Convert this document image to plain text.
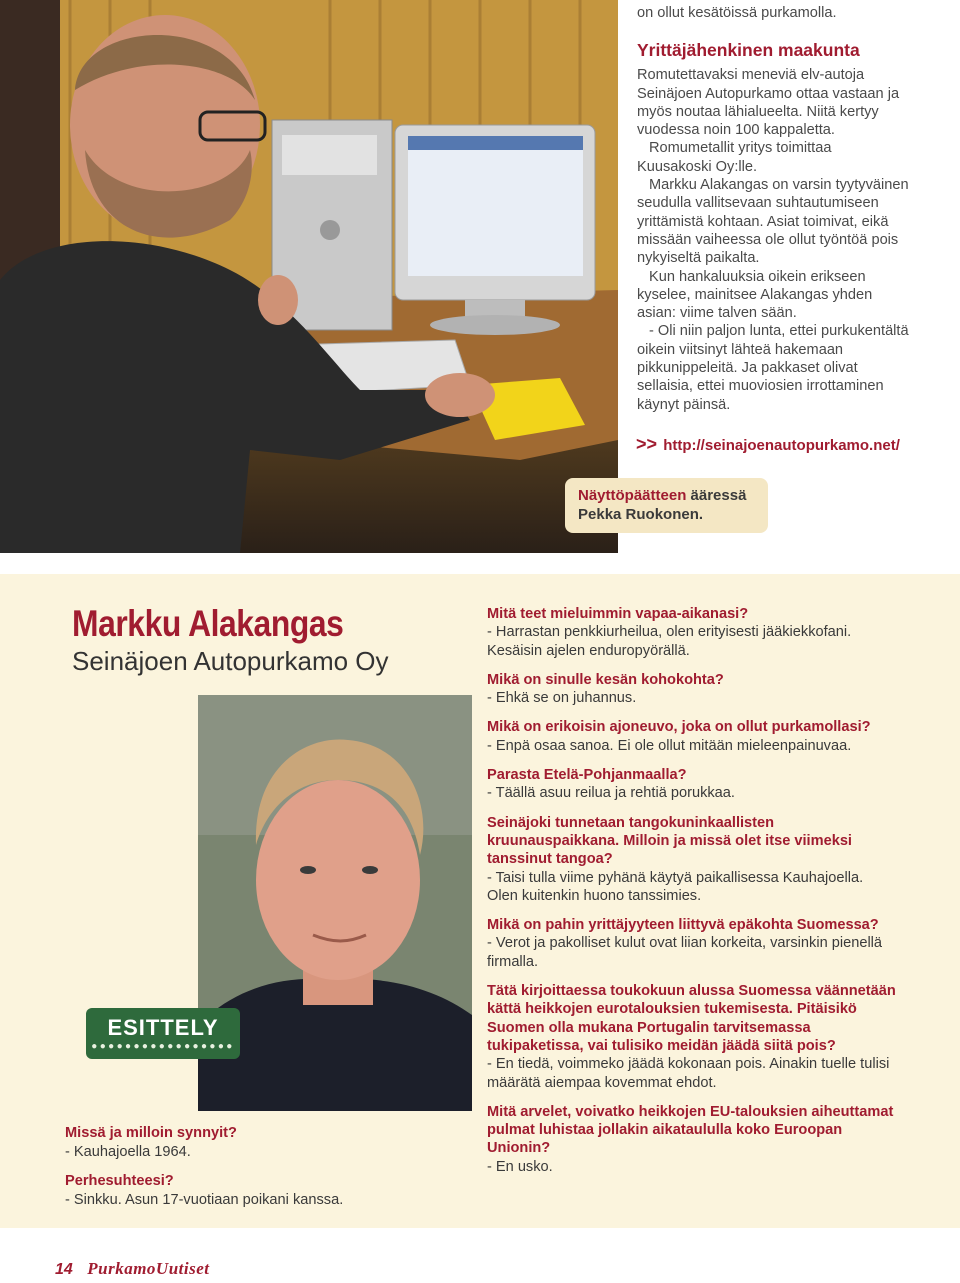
on ollut kesätöissä purkamolla.

Yrittäjähenkinen maakunta

Romutettavaksi meneviä elv-autoja Seinäjoen Autopurkamo ottaa vastaan ja myös noutaa lähialueelta. Niitä kertyy vuodessa noin 100 kappaletta.

Romumetallit yritys toimittaa Kuusakoski Oy:lle.

Markku Alakangas on varsin tyytyväinen seudulla vallitsevaan suhtautumiseen yrittämistä kohtaan. Asiat toimivat, eikä missään vaiheessa ole ollut työntöä pois nykyiseltä paikalta.

Kun hankaluuksia oikein erikseen kyselee, mainitsee Alakangas yhden asian: viime talven sään.

- Oli niin paljon lunta, ettei purkukentältä oikein viitsinyt lähteä hakemaan pikkunippeleitä. Ja pakkaset olivat sellaisia, ettei muoviosien irrottaminen käynyt päinsä.

>> http://seinajoenautopurkamo.net/
Näyttöpäätteen ääressä Pekka Ruokonen.
Markku Alakangas
Seinäjoen Autopurkamo Oy
ESITTELY
●●●●●●●●●●●●●●●●●
Missä ja milloin synnyit?
- Kauhajoella 1964.
Perhesuhteesi?
- Sinkku. Asun 17-vuotiaan poikani kanssa.
Mitä teet mieluimmin vapaa-aikanasi?
- Harrastan penkkiurheilua, olen erityisesti jääkiekkofani. Kesäisin ajelen enduropyörällä.
Mikä on sinulle kesän kohokohta?
- Ehkä se on juhannus.
Mikä on erikoisin ajoneuvo, joka on ollut purkamollasi?
- Enpä osaa sanoa. Ei ole ollut mitään mieleenpainuvaa.
Parasta Etelä-Pohjanmaalla?
- Täällä asuu reilua ja rehtiä porukkaa.
Seinäjoki tunnetaan tangokuninkaallisten kruunauspaikkana. Milloin ja missä olet itse viimeksi tanssinut tangoa?
- Taisi tulla viime pyhänä käytyä paikallisessa Kauhajoella. Olen kuitenkin huono tanssimies.
Mikä on pahin yrittäjyyteen liittyvä epäkohta Suomessa?
- Verot ja pakolliset kulut ovat liian korkeita, varsinkin pienellä firmalla.
Tätä kirjoittaessa toukokuun alussa Suomessa väännetään kättä heikkojen eurotalouksien tukemisesta. Pitäisikö Suomen olla mukana Portugalin tarvitsemassa tukipaketissa, vai tulisiko meidän jäädä siitä pois?
- En tiedä, voimmeko jäädä kokonaan pois. Ainakin tuelle tulisi määrätä aiempaa kovemmat ehdot.
Mitä arvelet, voivatko heikkojen EU-talouksien aiheuttamat pulmat luhistaa jollakin aikataululla koko Euroopan Unionin?
- En usko.
14 PurkamoUutiset
